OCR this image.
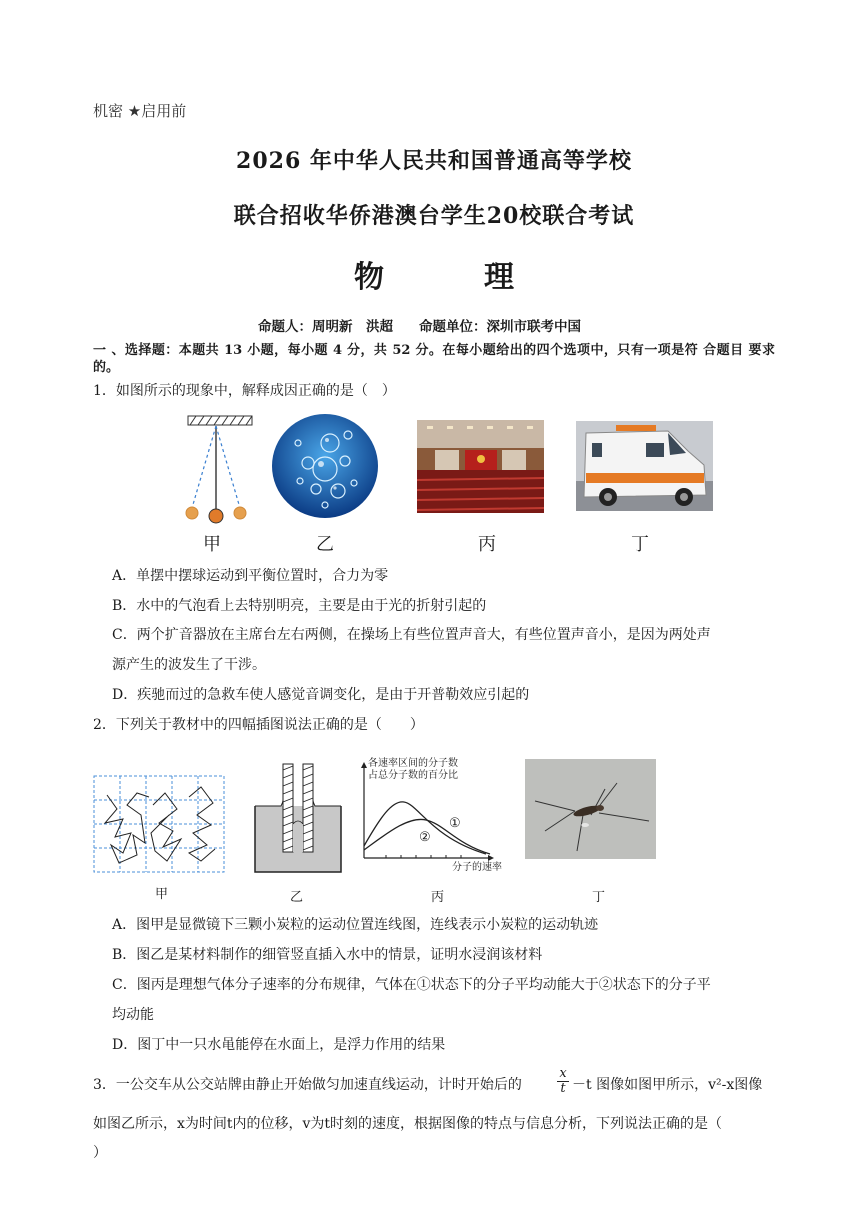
机密 ★启用前
2026 年中华人民共和国普通高等学校
联合招收华侨港澳台学生20校联合考试
物	理
命题人：周明新　洪超 命题单位：深圳市联考中国
一 、选择题：本题共 13 小题，每小题 4 分，共 52 分。在每小题给出的四个选项中，只有一项是符 合题目 要求的。
1．如图所示的现象中，解释成因正确的是（　）
甲	乙	丙	丁
A．单摆中摆球运动到平衡位置时，合力为零
B．水中的气泡看上去特别明亮，主要是由于光的折射引起的
C．两个扩音器放在主席台左右两侧，在操场上有些位置声音大，有些位置声音小，是因为两处声
源产生的波发生了干涉。
D．疾驰而过的急救车使人感觉音调变化，是由于开普勒效应引起的
2．下列关于教材中的四幅插图说法正确的是（　　）
各速率区间的分子数
占总分子数的百分比
①
②
分子的速率
甲	乙	丙	丁
A．图甲是显微镜下三颗小炭粒的运动位置连线图，连线表示小炭粒的运动轨迹
B．图乙是某材料制作的细管竖直插入水中的情景，证明水浸润该材料
C．图丙是理想气体分子速率的分布规律，气体在①状态下的分子平均动能大于②状态下的分子平
均动能
D．图丁中一只水黾能停在水面上，是浮力作用的结果
3．一公交车从公交站牌由静止开始做匀加速直线运动，计时开始后的	$\frac{x}{t} -t$ 图像如图甲所示，v²-x图像
如图乙所示，x为时间t内的位移，v为t时刻的速度，根据图像的特点与信息分析，下列说法正确的是（
）
